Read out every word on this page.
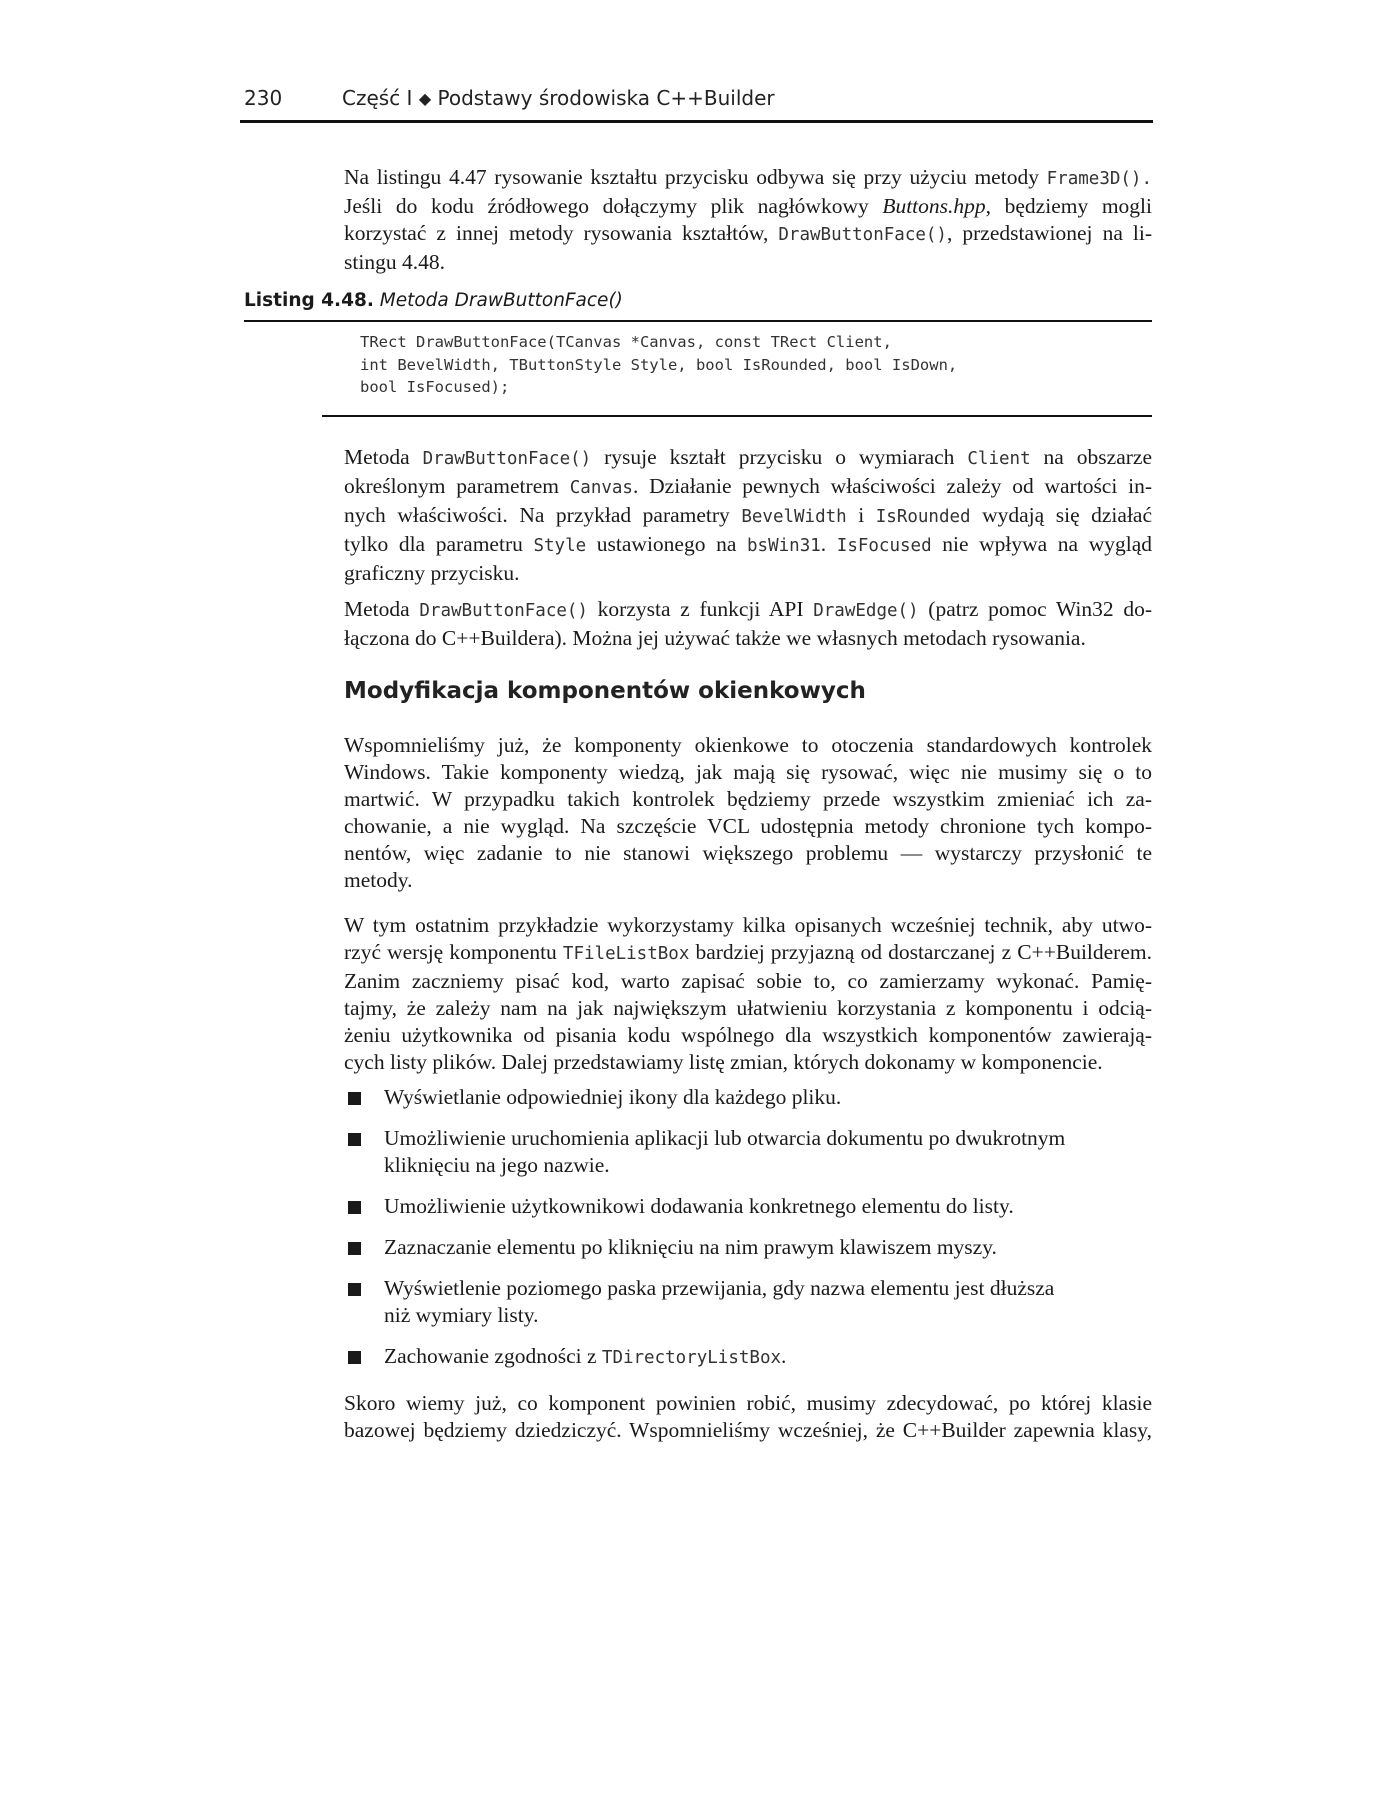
230	Część I ◆ Podstawy środowiska C++Builder
Na listingu 4.47 rysowanie kształtu przycisku odbywa się przy użyciu metody Frame3D().
Jeśli do kodu źródłowego dołączymy plik nagłówkowy Buttons.hpp, będziemy mogli
korzystać z innej metody rysowania kształtów, DrawButtonFace(), przedstawionej na li-
stingu 4.48.
Listing 4.48. Metoda DrawButtonFace()
TRect DrawButtonFace(TCanvas *Canvas, const TRect Client,
int BevelWidth, TButtonStyle Style, bool IsRounded, bool IsDown,
bool IsFocused);
Metoda DrawButtonFace() rysuje kształt przycisku o wymiarach Client na obszarze
określonym parametrem Canvas. Działanie pewnych właściwości zależy od wartości in-
nych właściwości. Na przykład parametry BevelWidth i IsRounded wydają się działać
tylko dla parametru Style ustawionego na bsWin31. IsFocused nie wpływa na wygląd
graficzny przycisku.
Metoda DrawButtonFace() korzysta z funkcji API DrawEdge() (patrz pomoc Win32 do-
łączona do C++Buildera). Można jej używać także we własnych metodach rysowania.
Modyfikacja komponentów okienkowych
Wspomnieliśmy już, że komponenty okienkowe to otoczenia standardowych kontrolek
Windows. Takie komponenty wiedzą, jak mają się rysować, więc nie musimy się o to
martwić. W przypadku takich kontrolek będziemy przede wszystkim zmieniać ich za-
chowanie, a nie wygląd. Na szczęście VCL udostępnia metody chronione tych kompo-
nentów, więc zadanie to nie stanowi większego problemu — wystarczy przysłonić te
metody.
W tym ostatnim przykładzie wykorzystamy kilka opisanych wcześniej technik, aby utwo-
rzyć wersję komponentu TFileListBox bardziej przyjazną od dostarczanej z C++Builderem.
Zanim zaczniemy pisać kod, warto zapisać sobie to, co zamierzamy wykonać. Pamię-
tajmy, że zależy nam na jak największym ułatwieniu korzystania z komponentu i odcią-
żeniu użytkownika od pisania kodu wspólnego dla wszystkich komponentów zawierają-
cych listy plików. Dalej przedstawiamy listę zmian, których dokonamy w komponencie.
Wyświetlanie odpowiedniej ikony dla każdego pliku.
Umożliwienie uruchomienia aplikacji lub otwarcia dokumentu po dwukrotnym
kliknięciu na jego nazwie.
Umożliwienie użytkownikowi dodawania konkretnego elementu do listy.
Zaznaczanie elementu po kliknięciu na nim prawym klawiszem myszy.
Wyświetlenie poziomego paska przewijania, gdy nazwa elementu jest dłuższa
niż wymiary listy.
Zachowanie zgodności z TDirectoryListBox.
Skoro wiemy już, co komponent powinien robić, musimy zdecydować, po której klasie
bazowej będziemy dziedziczyć. Wspomnieliśmy wcześniej, że C++Builder zapewnia klasy,
